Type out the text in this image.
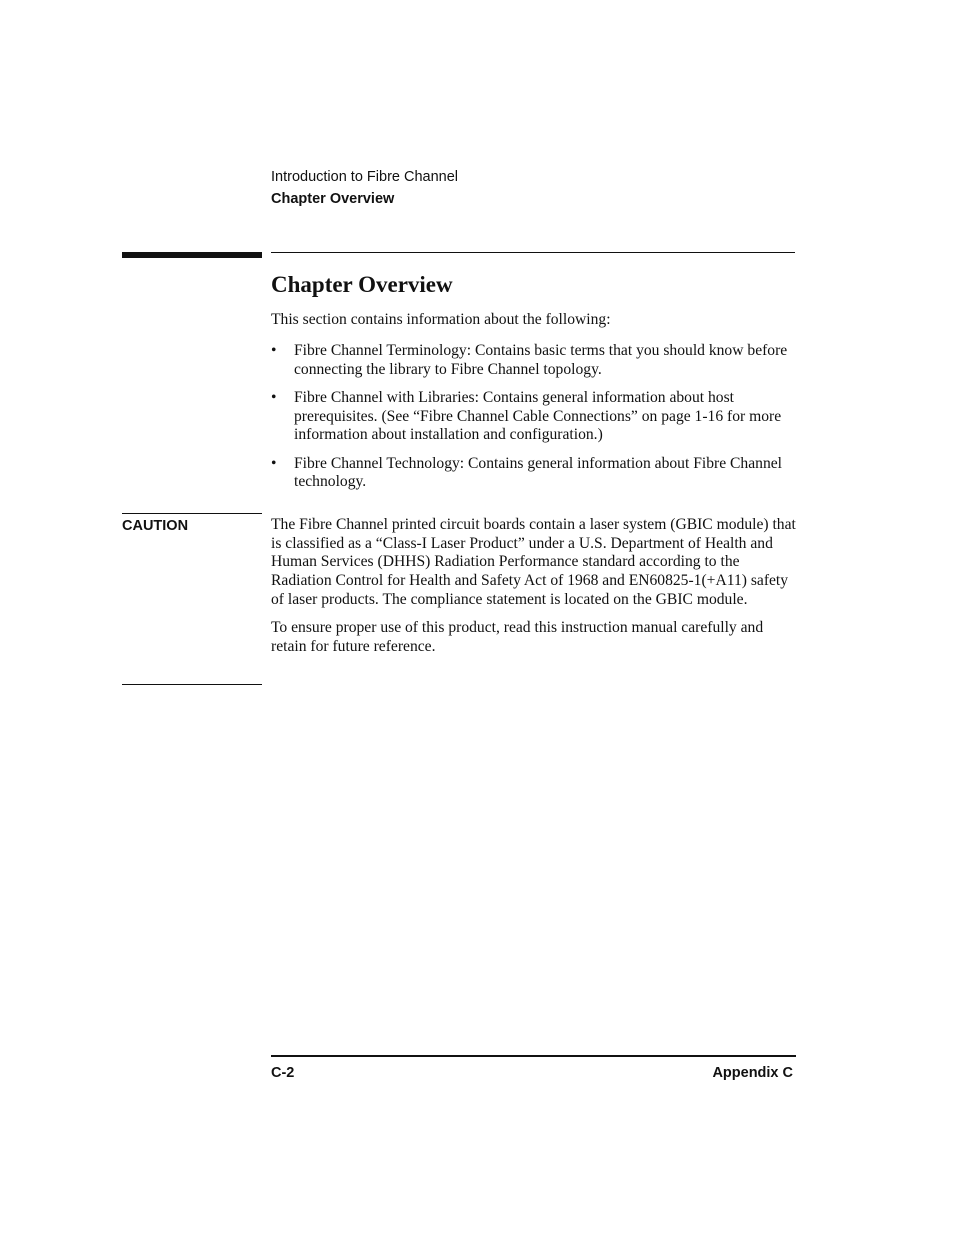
Introduction to Fibre Channel
Chapter Overview
Chapter Overview

This section contains information about the following:

• Fibre Channel Terminology: Contains basic terms that you should know before connecting the library to Fibre Channel topology.
• Fibre Channel with Libraries: Contains general information about host prerequisites. (See “Fibre Channel Cable Connections” on page 1-16 for more information about installation and configuration.)
• Fibre Channel Technology: Contains general information about Fibre Channel technology.
CAUTION	The Fibre Channel printed circuit boards contain a laser system (GBIC module) that is classified as a “Class-I Laser Product” under a U.S. Department of Health and Human Services (DHHS) Radiation Performance standard according to the Radiation Control for Health and Safety Act of 1968 and EN60825-1(+A11) safety of laser products. The compliance statement is located on the GBIC module.

To ensure proper use of this product, read this instruction manual carefully and retain for future reference.

C-2	Appendix C
